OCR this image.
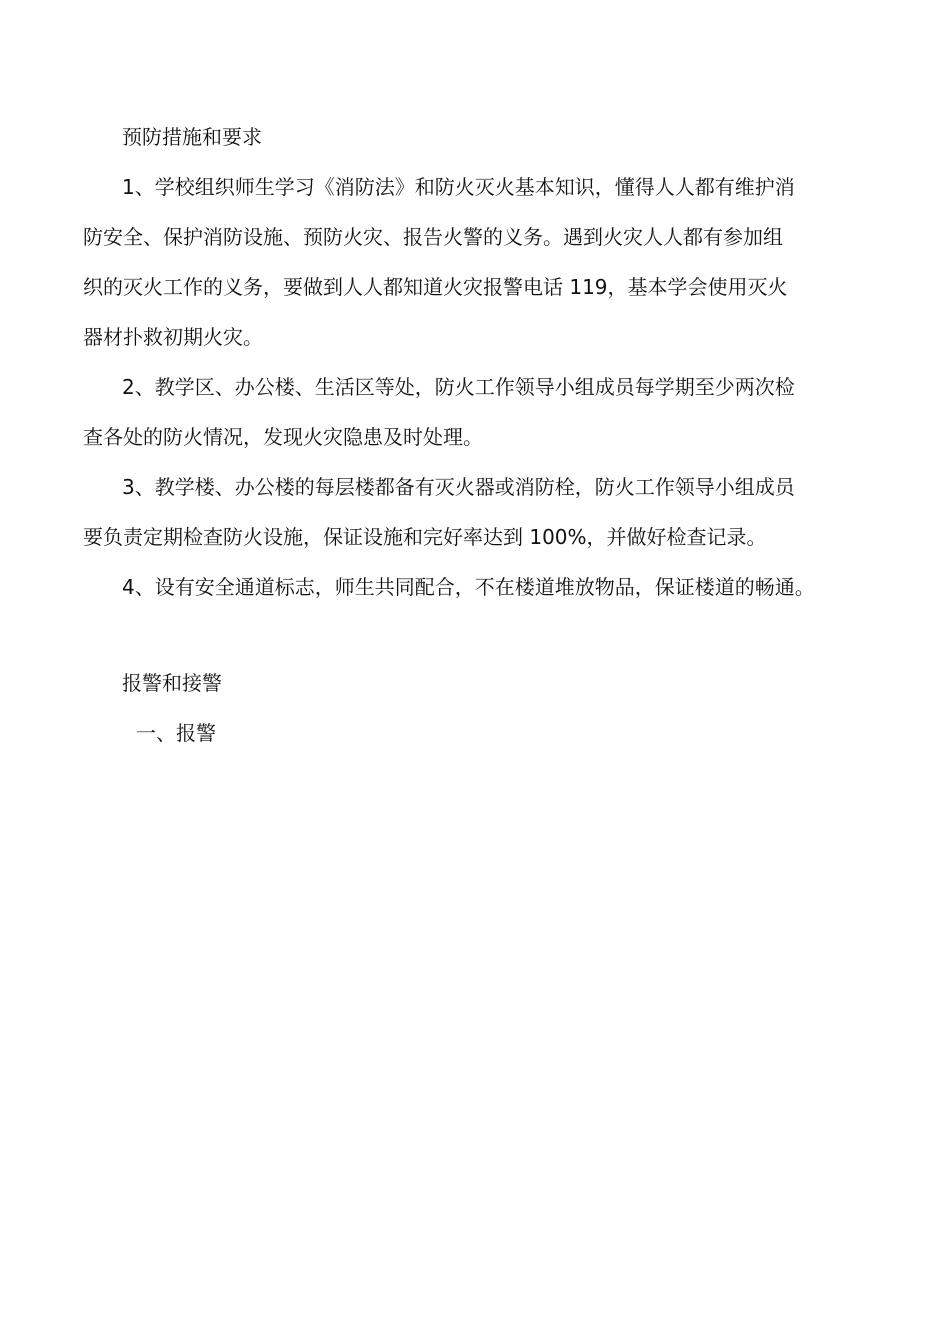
预防措施和要求
1、学校组织师生学习《消防法》和防火灭火基本知识，懂得人人都有维护消
防安全、保护消防设施、预防火灾、报告火警的义务。遇到火灾人人都有参加组
织的灭火工作的义务，要做到人人都知道火灾报警电话 119，基本学会使用灭火
器材扑救初期火灾。
2、教学区、办公楼、生活区等处，防火工作领导小组成员每学期至少两次检
查各处的防火情况，发现火灾隐患及时处理。
3、教学楼、办公楼的每层楼都备有灭火器或消防栓，防火工作领导小组成员
要负责定期检查防火设施，保证设施和完好率达到 100%，并做好检查记录。
4、设有安全通道标志，师生共同配合，不在楼道堆放物品，保证楼道的畅通。
报警和接警
一、报警
